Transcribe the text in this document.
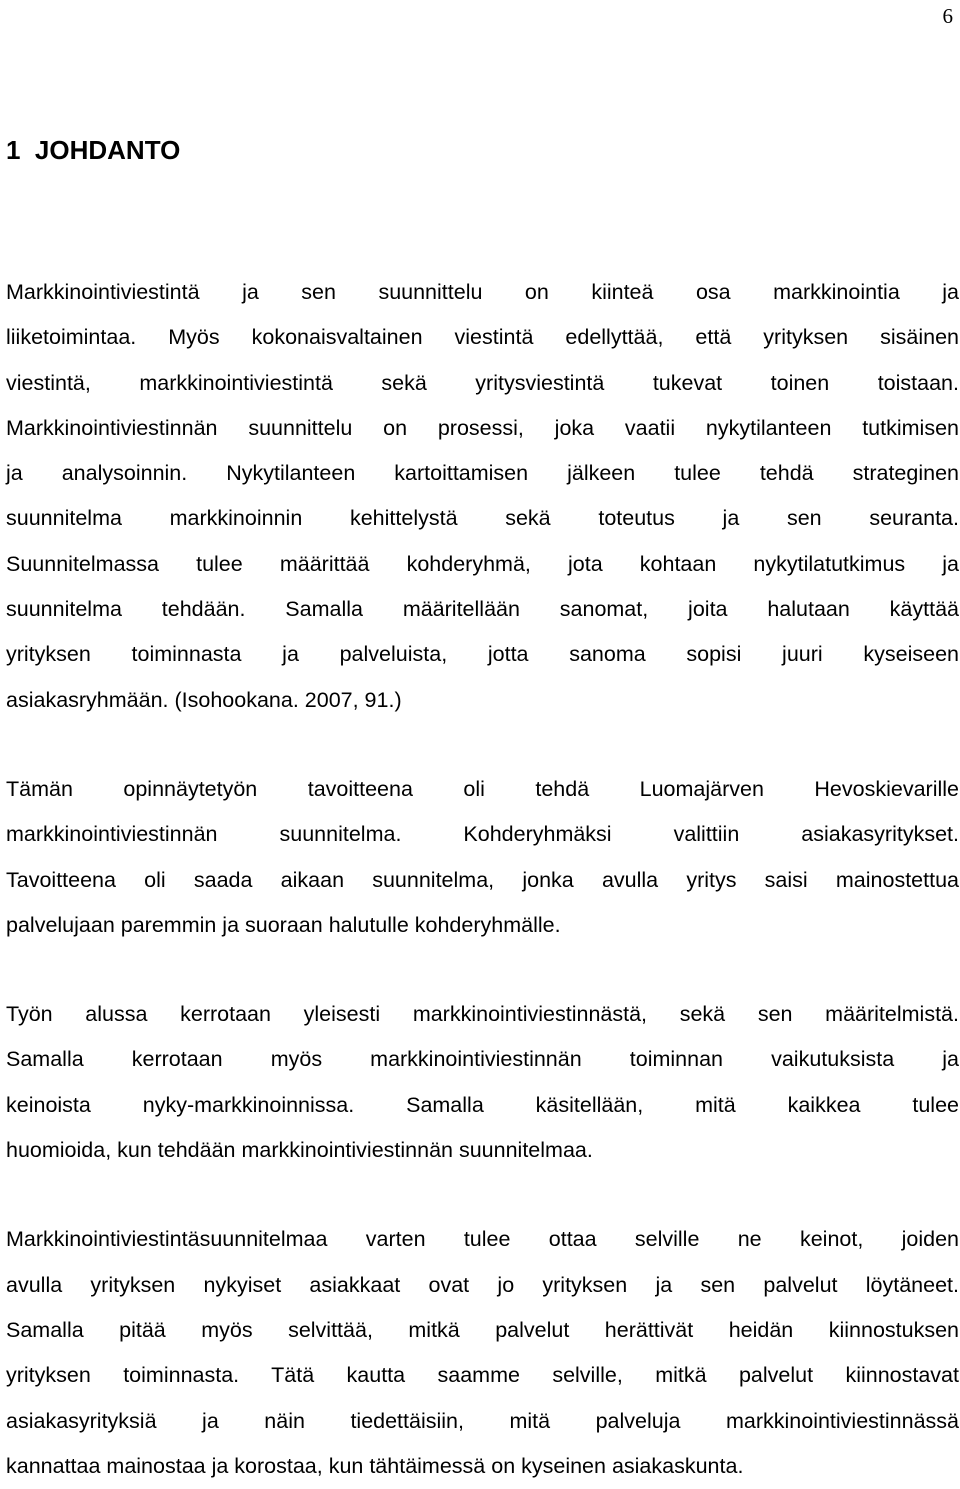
6
1  JOHDANTO

Markkinointiviestintä ja sen suunnittelu on kiinteä osa markkinointia ja
liiketoimintaa. Myös kokonaisvaltainen viestintä edellyttää, että yrityksen sisäinen
viestintä, markkinointiviestintä sekä yritysviestintä tukevat toinen toistaan.
Markkinointiviestinnän suunnittelu on prosessi, joka vaatii nykytilanteen tutkimisen
ja analysoinnin. Nykytilanteen kartoittamisen jälkeen tulee tehdä strateginen
suunnitelma markkinoinnin kehittelystä sekä toteutus ja sen seuranta.
Suunnitelmassa tulee määrittää kohderyhmä, jota kohtaan nykytilatutkimus ja
suunnitelma tehdään. Samalla määritellään sanomat, joita halutaan käyttää
yrityksen toiminnasta ja palveluista, jotta sanoma sopisi juuri kyseiseen
asiakasryhmään. (Isohookana. 2007, 91.)

Tämän opinnäytetyön tavoitteena oli tehdä Luomajärven Hevoskievarille
markkinointiviestinnän suunnitelma. Kohderyhmäksi valittiin asiakasyritykset.
Tavoitteena oli saada aikaan suunnitelma, jonka avulla yritys saisi mainostettua
palvelujaan paremmin ja suoraan halutulle kohderyhmälle.

Työn alussa kerrotaan yleisesti markkinointiviestinnästä, sekä sen määritelmistä.
Samalla kerrotaan myös markkinointiviestinnän toiminnan vaikutuksista ja
keinoista nyky-markkinoinnissa. Samalla käsitellään, mitä kaikkea tulee
huomioida, kun tehdään markkinointiviestinnän suunnitelmaa.

Markkinointiviestintäsuunnitelmaa varten tulee ottaa selville ne keinot, joiden
avulla yrityksen nykyiset asiakkaat ovat jo yrityksen ja sen palvelut löytäneet.
Samalla pitää myös selvittää, mitkä palvelut herättivät heidän kiinnostuksen
yrityksen toiminnasta. Tätä kautta saamme selville, mitkä palvelut kiinnostavat
asiakasyrityksiä ja näin tiedettäisiin, mitä palveluja markkinointiviestinnässä
kannattaa mainostaa ja korostaa, kun tähtäimessä on kyseinen asiakaskunta.
